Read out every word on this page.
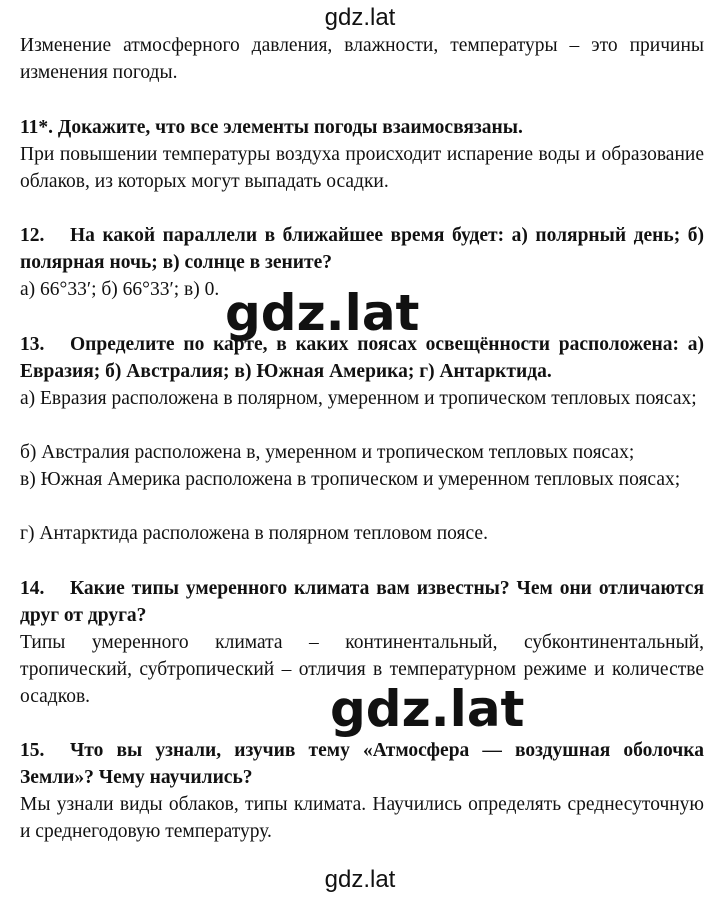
gdz.lat

Изменение атмосферного давления, влажности, температуры – это причины изменения погоды.

11*. Докажите, что все элементы погоды взаимосвязаны.

При повышении температуры воздуха происходит испарение воды и образование облаков, из которых могут выпадать осадки.

12. На какой параллели в ближайшее время будет: а) полярный день; б) полярная ночь; в) солнце в зените?

а) 66°33′; б) 66°33′; в) 0.

13. Определите по карте, в каких поясах освещённости расположена: а) Евразия; б) Австралия; в) Южная Америка; г) Антарктида.

а) Евразия расположена в полярном, умеренном и тропическом тепловых поясах;

б) Австралия расположена в, умеренном и тропическом тепловых поясах;

в) Южная Америка расположена в тропическом и умеренном тепловых поясах;

г) Антарктида расположена в полярном тепловом поясе.

14. Какие типы умеренного климата вам известны? Чем они отличаются друг от друга?

Типы умеренного климата – континентальный, субконтинентальный, тропический, субтропический – отличия в температурном режиме и количестве осадков.

15. Что вы узнали, изучив тему «Атмосфера — воздушная оболочка Земли»? Чему научились?

Мы узнали виды облаков, типы климата. Научились определять среднесуточную и среднегодовую температуру.

gdz.lat
gdz.lat
gdz.lat
